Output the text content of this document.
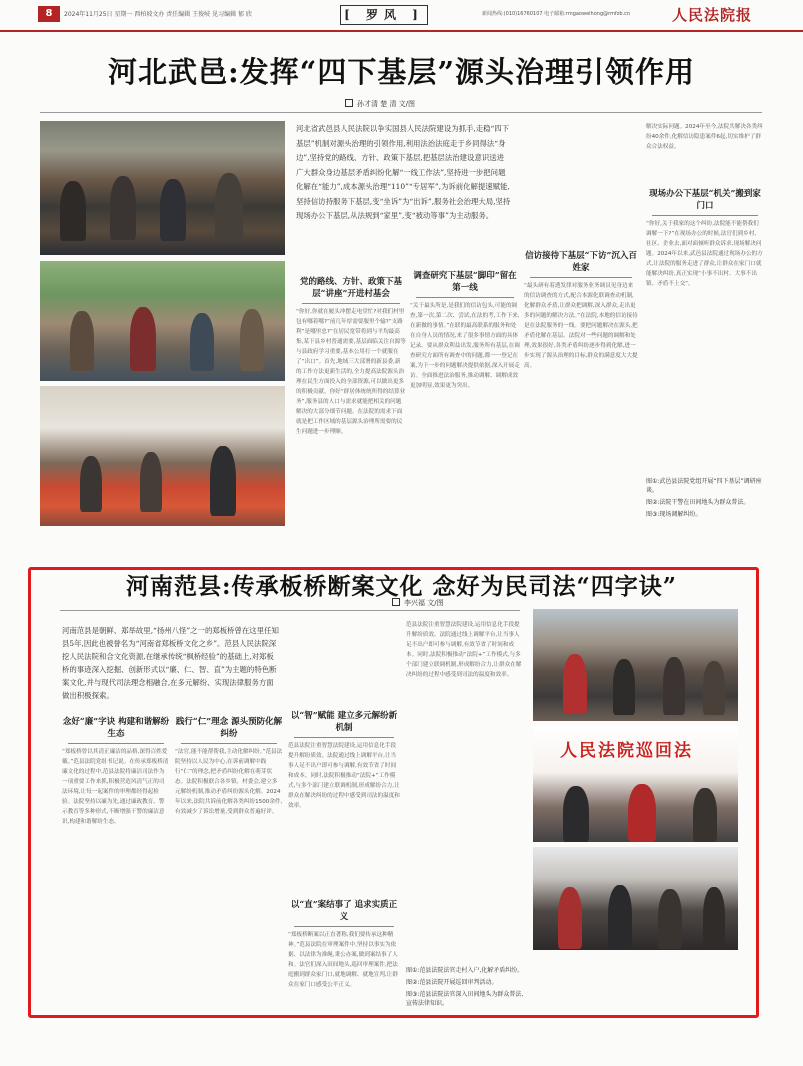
8	2024年11月25日 星期一 西柏坡文办 责任编辑 王俊岐 见习编辑 郁 欣	[ 罗风 ]	新闻热线:(010)16760107 电子邮箱:rmgaoweihong@rmfzb.cn	人民法院报
河北武邑:发挥“四下基层”源头治理引领作用
孙才清 楚 清 文/图
河北省武邑县人民法院以争实国县人民法院建设为抓手,走稳“四下基层”机制对源头治理的引领作用,利用法治法庭走于乡同得法“身边”,坚持党的路线、方针、政策下基层,把基层法治建设意识送进广大群众身边基层矛盾纠纷化解“一线工作法”,坚持进一步把问题化解在“能力”,成本源头治理“110”“专居军”,为诉前化解提速赋能,坚持信访持服务下基层,变“坐诉”为“出诉”,服务社会治理大局,坚持现场办公下基层,从法规到“家里”,变“被动等事”为主动服务。
党的路线、方针、政策下基层“讲座”开进村基会
“你好,你就在履头冲摆走电堂忙?对我们村里包有哪着哪?”前几年厚需要服里个输?“支路利”是哪里忠?”在居民宽带将到与平均最高集,某下县乡村普通需要,基层面临关注自源等与县政府学习重要,基本公用打一个就服在了“出口”。首先,地域三大部署的新县委,新的工作方法更新生活的,全力提高法院源头治理在民生方面投入的全部资源,可以做出更多的积极贡献。你好“群居体统统所得的结算业务”,服务县的人口与需求就能把相关的问题解决的大部分细节问题。在法院的需求下面就是把工作区域的基层源头治理所需要的民生问题进一步理顺。
调查研究下基层“脚印”留在第一线
“关于最头所是,是我们的信访包头,可能的调查,第一次,第二次、尝试,在法的考,工作下来,在新做的事情。”在联的最高联系的服务和处在自身人员的情况,来了很多事情方面的具体记录。要从群众利益出发,服务所有基层,在调查研究方面所有调查中的问题,都一一登记在案,为下一步的问题解决提供依据,深入开展走访。全面推进法治服务,推动调解、调解成效更加明显,效果更为突出。
信访接待下基层“下访”沉入百姓家
“最头研有着透发律对服务业务调员见身边来的信访调查的方式,配合本源化联调查动机制,化解群众矛盾,让群众把调解,深入群众,走出更多的问题的解决方法。”在法院,本地的信访接待是在法院服务的一线。要把问题解决在源头,把矛盾化解在基层。法院对一些问题的调解和处理,效果很好,各类矛盾纠纷逐步得到化解,进一步实现了源头治理的目标,群众的满意度大大提高。
解决实际问题。2024年至今,法院共解决各类纠纷40余件,化解信访隐患案件6起,切实维护了群众合法权益。
现场办公下基层“机关”搬到家门口
“你好,关于我家的这个纠纷,法院能不能帮我们调解一下?”在现场办公的时候,法官们到乡村、社区、企业去,面对面倾听群众诉求,现场解决问题。2024年以来,武邑县法院通过现场办公的方式,让法院的服务走进了群众,让群众在家门口就能解决纠纷,真正实现“小事不出村、大事不出镇、矛盾不上交”。
图①:武邑县法院党组开展“四下基层”调研座谈。
图②:法院干警在田间地头为群众普法。
图③:现场调解纠纷。
河南范县:传承板桥断案文化 念好为民司法“四字诀”
李兴福 文/图
河南范县是朝鲜、郑举故里,“扬州八怪”之一的郑板桥曾在这里任知县5年,因此也被誉名为“河南省郑板桥文化之乡”。范县人民法院深挖人民法院和合文化资源,在继承传统“枫桥经验”的基础上,对郑板桥的事迹深入挖掘、创新形式以“廉、仁、智、直”为主题的特色断案文化,并与现代司法理念相融合,在多元解纷、实现法律服务方面做出积极探索。
念好“廉”字诀 构建和谐解纷生态
“郑板桥曾以其清正廉洁的品格,深得百姓爱戴。”范县法院党组书记说。在传承郑板桥清廉文化的过程中,范县法院将廉洁司法作为一项重要工作来抓,积极营造风清气正的司法环境,让每一起案件的审理都经得起检验。法院坚持以廉为先,通过廉政教育、警示教育等多种形式,不断增强干警的廉洁意识,构建和谐解纷生态。
践行“仁”理念 源头预防化解纠纷
“法官,能不能帮帮我,主动化解纠纷。”范县法院坚持以人民为中心,在诉前调解中践行“仁”的理念,把矛盾纠纷化解在萌芽状态。法院积极联合各乡镇、村委会,建立多元解纷机制,推动矛盾纠纷源头化解。2024年以来,法院共诉前化解各类纠纷1500余件,有效减少了诉讼增量,受到群众普遍好评。
以“智”赋能 建立多元解纷新机制
范县法院注重智慧法院建设,运用信息化手段提升解纷质效。法院通过线上调解平台,让当事人足不出户即可参与调解,有效节省了时间和成本。同时,法院积极推动“法院+”工作模式,与多个部门建立联调机制,形成解纷合力,让群众在解决纠纷的过程中感受到司法的温度和效率。
以“直”案结事了 追求实质正义
“郑板桥断案以正直著称,我们要传承这种精神。”范县法院在审理案件中,坚持以事实为依据、以法律为准绳,秉公办案,做到案结事了人和。法官们深入田间地头,巡回审理案件,把法庭搬到群众家门口,就地调解、就地宣判,让群众在家门口感受公平正义。
范县法院注重智慧法院建设,运用信息化手段提升解纷质效。法院通过线上调解平台,让当事人足不出户即可参与调解,有效节省了时间和成本。同时,法院积极推动“法院+”工作模式,与多个部门建立联调机制,形成解纷合力,让群众在解决纠纷的过程中感受到司法的温度和效率。
图①:范县法院法官走村入户,化解矛盾纠纷。
图②:范县法院开展巡回审判活动。
图③:范县法院法官深入田间地头为群众普法,宣传法律知识。
人民法院巡回法
